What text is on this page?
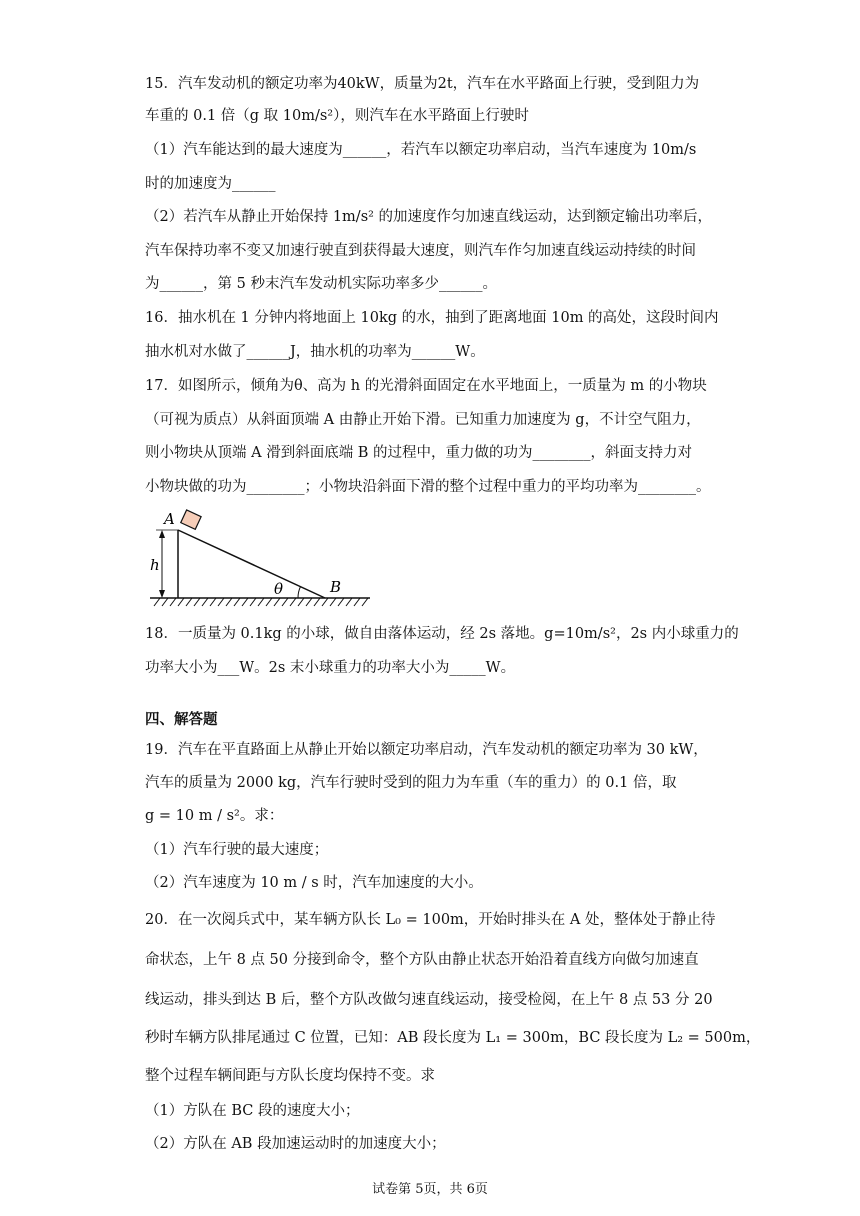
15．汽车发动机的额定功率为40kW，质量为2t，汽车在水平路面上行驶，受到阻力为
车重的 0.1 倍（g 取 10m/s²），则汽车在水平路面上行驶时
（1）汽车能达到的最大速度为______，若汽车以额定功率启动，当汽车速度为 10m/s
时的加速度为______
（2）若汽车从静止开始保持 1m/s² 的加速度作匀加速直线运动，达到额定输出功率后，
汽车保持功率不变又加速行驶直到获得最大速度，则汽车作匀加速直线运动持续的时间
为______，第 5 秒末汽车发动机实际功率多少______。
16．抽水机在 1 分钟内将地面上 10kg 的水，抽到了距离地面 10m 的高处，这段时间内
抽水机对水做了______J，抽水机的功率为______W。
17．如图所示，倾角为θ、高为 h 的光滑斜面固定在水平地面上，一质量为 m 的小物块
（可视为质点）从斜面顶端 A 由静止开始下滑。已知重力加速度为 g，不计空气阻力，
则小物块从顶端 A 滑到斜面底端 B 的过程中，重力做的功为________，斜面支持力对
小物块做的功为________；小物块沿斜面下滑的整个过程中重力的平均功率为________。
A
h
θ	B
18．一质量为 0.1kg 的小球，做自由落体运动，经 2s 落地。g=10m/s²，2s 内小球重力的
功率大小为___W。2s 末小球重力的功率大小为_____W。
四、解答题
19．汽车在平直路面上从静止开始以额定功率启动，汽车发动机的额定功率为 30 kW，
汽车的质量为 2000 kg，汽车行驶时受到的阻力为车重（车的重力）的 0.1 倍，取
g = 10 m / s²。求：
（1）汽车行驶的最大速度；
（2）汽车速度为 10 m / s 时，汽车加速度的大小。
20．在一次阅兵式中，某车辆方队长 L₀ = 100m，开始时排头在 A 处，整体处于静止待
命状态，上午 8 点 50 分接到命令，整个方队由静止状态开始沿着直线方向做匀加速直
线运动，排头到达 B 后，整个方队改做匀速直线运动，接受检阅，在上午 8 点 53 分 20
秒时车辆方队排尾通过 C 位置，已知：AB 段长度为 L₁ = 300m，BC 段长度为 L₂ = 500m，
整个过程车辆间距与方队长度均保持不变。求
（1）方队在 BC 段的速度大小；
（2）方队在 AB 段加速运动时的加速度大小；
试卷第 5页，共 6页
